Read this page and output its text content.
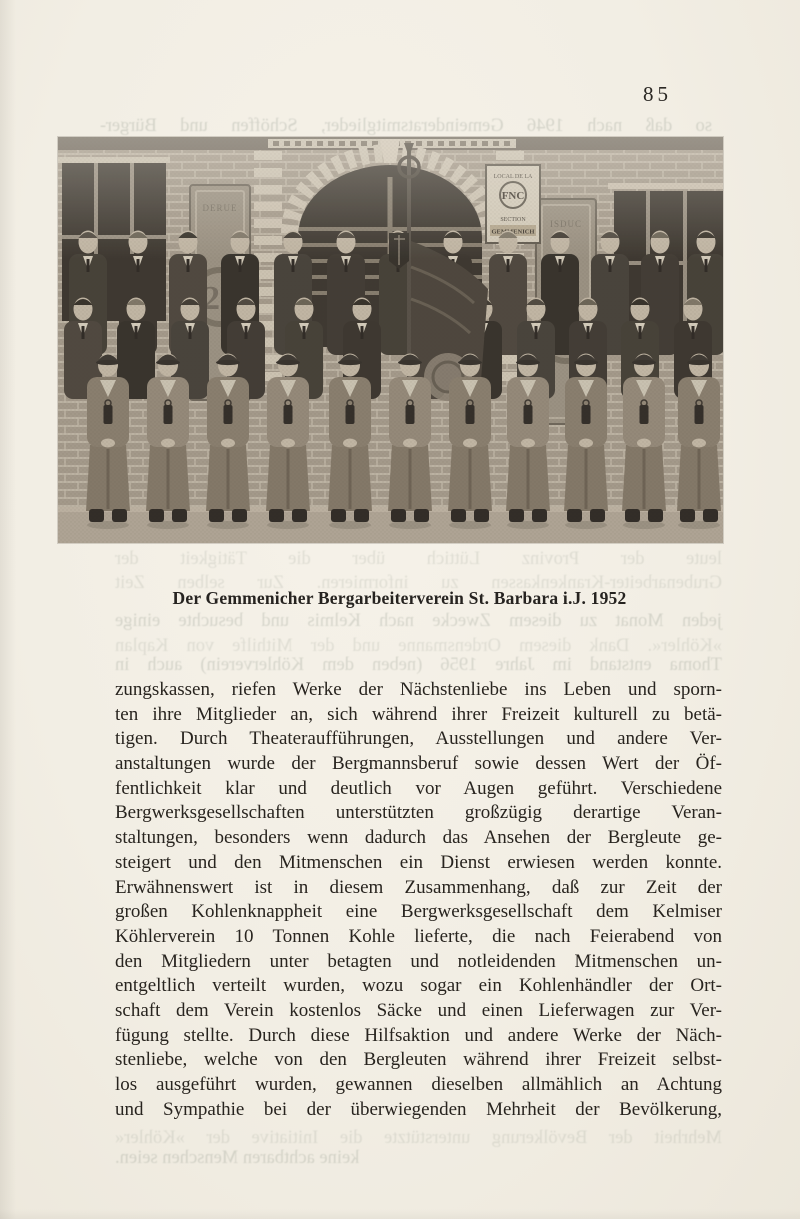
85
so daß nach 1946 Gemeinderatsmitglieder, Schöffen und Bürger-
leute der Provinz Lüttich über die Tätigkeit der
Grubenarbeiter-Krankenkassen zu informieren. Zur selben Zeit
jeden Monat zu diesem Zwecke nach Kelmis und besuchte einige
»Köhler«. Dank diesem Ordensmanne und der Mithilfe von Kaplan
Thoma entstand im Jahre 1956 (neben dem Köhlerverein) auch in
Mehrheit der Bevölkerung unterstützte die Initiative der »Köhler«
keine achtbaren Menschen seien.
Der Gemmenicher Bergarbeiterverein St. Barbara i.J. 1952
zungskassen, riefen Werke der Nächstenliebe ins Leben und sporn-
ten ihre Mitglieder an, sich während ihrer Freizeit kulturell zu betä-
tigen. Durch Theateraufführungen, Ausstellungen und andere Ver-
anstaltungen wurde der Bergmannsberuf sowie dessen Wert der Öf-
fentlichkeit klar und deutlich vor Augen geführt. Verschiedene
Bergwerksgesellschaften unterstützten großzügig derartige Veran-
staltungen, besonders wenn dadurch das Ansehen der Bergleute ge-
steigert und den Mitmenschen ein Dienst erwiesen werden konnte.
Erwähnenswert ist in diesem Zusammenhang, daß zur Zeit der
großen Kohlenknappheit eine Bergwerksgesellschaft dem Kelmiser
Köhlerverein 10 Tonnen Kohle lieferte, die nach Feierabend von
den Mitgliedern unter betagten und notleidenden Mitmenschen un-
entgeltlich verteilt wurden, wozu sogar ein Kohlenhändler der Ort-
schaft dem Verein kostenlos Säcke und einen Lieferwagen zur Ver-
fügung stellte. Durch diese Hilfsaktion und andere Werke der Näch-
stenliebe, welche von den Bergleuten während ihrer Freizeit selbst-
los ausgeführt wurden, gewannen dieselben allmählich an Achtung
und Sympathie bei der überwiegenden Mehrheit der Bevölkerung,
